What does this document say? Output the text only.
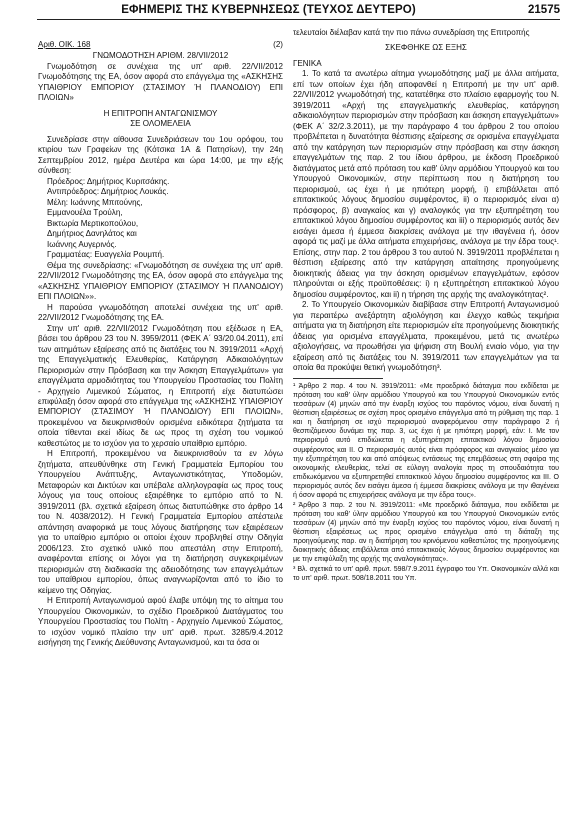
ΕΦΗΜΕΡΙΣ ΤΗΣ ΚΥΒΕΡΝΗΣΕΩΣ (ΤΕΥΧΟΣ ΔΕΥΤΕΡΟ)	21575
Αριθ. ΟΙΚ. 168	(2)

ΓΝΩΜΟΔΟΤΗΣΗ ΑΡΙΘΜ. 28/VII/2012

Γνωμοδότηση σε συνέχεια της υπ' αριθ. 22/VII/2012 Γνωμοδότησης της ΕΑ, όσον αφορά στο επάγγελμα της «ΑΣΚΗΣΗΣ ΥΠΑΙΘΡΙΟΥ ΕΜΠΟΡΙΟΥ (ΣΤΑΣΙΜΟΥ Ή ΠΛΑΝΟΔΙΟΥ) ΕΠΙ ΠΛΟΙΩΝ»

Η ΕΠΙΤΡΟΠΗ ΑΝΤΑΓΩΝΙΣΜΟΥ

ΣΕ ΟΛΟΜΕΛΕΙΑ

Συνεδρίασε στην αίθουσα Συνεδριάσεων του 1ου ορόφου, του κτιρίου των Γραφείων της (Κότσικα 1Α & Πατησίων), την 24η Σεπτεμβρίου 2012, ημέρα Δευτέρα και ώρα 14:00, με την εξής σύνθεση:

Πρόεδρος: Δημήτριος Κυριτσάκης.

Αντιπρόεδρος: Δημήτριος Λουκάς.

Μέλη: Ιωάννης Μπιτούνης,

Εμμανουέλα Τρούλη,

Βικτωρία Μερτικοπούλου,

Δημήτριος Δανηλάτος και

Ιωάννης Αυγερινός.

Γραμματέας: Ευαγγελία Ρουμπή.

Θέμα της συνεδρίασης: «Γνωμοδότηση σε συνέχεια της υπ' αριθ. 22/VII/2012 Γνωμοδότησης της ΕΑ, όσον αφορά στο επάγγελμα της «ΑΣΚΗΣΗΣ ΥΠΑΙΘΡΙΟΥ ΕΜΠΟΡΙΟΥ (ΣΤΑΣΙΜΟΥ Ή ΠΛΑΝΟΔΙΟΥ) ΕΠΙ ΠΛΟΙΩΝ»».

Η παρούσα γνωμοδότηση αποτελεί συνέχεια της υπ' αριθ. 22/VII/2012 Γνωμοδότησης της ΕΑ.

Στην υπ' αριθ. 22/VII/2012 Γνωμοδότηση που εξέδωσε η ΕΑ, βάσει του άρθρου 23 του Ν. 3959/2011 (ΦΕΚ Α΄ 93/20.04.2011), επί των αιτημάτων εξαίρεσης από τις διατάξεις του Ν. 3919/2011 «Αρχή της Επαγγελματικής Ελευθερίας, Κατάργηση Αδικαιολόγητων Περιορισμών στην Πρόσβαση και την Άσκηση Επαγγελμάτων» για επαγγέλματα αρμοδιότητας του Υπουργείου Προστασίας του Πολίτη - Αρχηγείο Λιμενικού Σώματος, η Επιτροπή είχε διατυπώσει επιφύλαξη όσον αφορά στο επάγγελμα της «ΑΣΚΗΣΗΣ ΥΠΑΙΘΡΙΟΥ ΕΜΠΟΡΙΟΥ (ΣΤΑΣΙΜΟΥ Ή ΠΛΑΝΟΔΙΟΥ) ΕΠΙ ΠΛΟΙΩΝ», προκειμένου να διευκρινισθούν ορισμένα ειδικότερα ζητήματα τα οποία τίθενται εκεί ιδίως δε ως προς τη σχέση του νομικού καθεστώτος με το ισχύον για το χερσαίο υπαίθριο εμπόριο.

Η Επιτροπή, προκειμένου να διευκρινισθούν τα εν λόγω ζητήματα, απευθύνθηκε στη Γενική Γραμματεία Εμπορίου του Υπουργείου Ανάπτυξης, Ανταγωνιστικότητας, Υποδομών, Μεταφορών και Δικτύων και υπέβαλε αλληλογραφία ως προς τους λόγους για τους οποίους εξαιρέθηκε το εμπόριο από το Ν. 3919/2011 (βλ. σχετικά εξαίρεση όπως διατυπώθηκε στο άρθρο 14 του Ν. 4038/2012). Η Γενική Γραμματεία Εμπορίου απέστειλε απάντηση αναφορικά με τους λόγους διατήρησης των εξαιρέσεων για το υπαίθριο εμπόριο οι οποίοι έχουν προβληθεί στην Οδηγία 2006/123. Στο σχετικό υλικό που απεστάλη στην Επιτροπή, αναφέρονται επίσης οι λόγοι για τη διατήρηση συγκεκριμένων περιορισμών στη διαδικασία της αδειοδότησης των επαγγελμάτων του υπαίθριου εμπορίου, όπως αναγνωρίζονται από το ίδιο το κείμενο της Οδηγίας.

Η Επιτροπή Ανταγωνισμού αφού έλαβε υπόψη της το αίτημα του Υπουργείου Οικονομικών, το σχέδιο Προεδρικού Διατάγματος του Υπουργείου Προστασίας του Πολίτη - Αρχηγείο Λιμενικού Σώματος, το ισχύον νομικό πλαίσιο την υπ' αριθ. πρωτ. 3285/9.4.2012 εισήγηση της Γενικής Διεύθυνσης Ανταγωνισμού, και τα όσα οι

τελευταίοι διέλαβαν κατά την πιο πάνω συνεδρίαση της Επιτροπής

ΣΚΕΦΘΗΚΕ ΩΣ ΕΞΗΣ

ΓΕΝΙΚΑ

1. Το κατά τα ανωτέρω αίτημα γνωμοδότησης μαζί με άλλα αιτήματα, επί των οποίων έχει ήδη αποφανθεί η Επιτροπή με την υπ' αριθ. 22/VII/2012 γνωμοδότησή της, κατατέθηκε στο πλαίσιο εφαρμογής του Ν. 3919/2011 «Αρχή της επαγγελματικής ελευθερίας, κατάργηση αδικαιολόγητων περιορισμών στην πρόσβαση και άσκηση επαγγελμάτων» (ΦΕΚ Α΄ 32/2.3.2011), με την παράγραφο 4 του άρθρου 2 του οποίου προβλέπεται η δυνατότητα θέσπισης εξαίρεσης σε ορισμένα επαγγέλματα από την κατάργηση των περιορισμών στην πρόσβαση και στην άσκηση επαγγελμάτων της παρ. 2 του ίδιου άρθρου, με έκδοση Προεδρικού διατάγματος μετά από πρόταση του καθ' ύλην αρμόδιου Υπουργού και του Υπουργού Οικονομικών, στην περίπτωση που η διατήρηση του περιορισμού, ως έχει ή με ηπιότερη μορφή, i) επιβάλλεται από επιτακτικούς λόγους δημοσίου συμφέροντος, ii) ο περιορισμός είναι α) πρόσφορος, β) αναγκαίος και γ) αναλογικός για την εξυπηρέτηση του επιτακτικού λόγου δημοσίου συμφέροντος και iii) ο περιορισμός αυτός δεν εισάγει άμεσα ή έμμεσα διακρίσεις ανάλογα με την ιθαγένεια ή, όσον αφορά τις μαζί με άλλα αιτήματα επιχειρήσεις, ανάλογα με την έδρα τους¹. Επίσης, στην παρ. 2 του άρθρου 3 του αυτού Ν. 3919/2011 προβλέπεται η θέσπιση εξαίρεσης από την κατάργηση απαίτησης προηγούμενης διοικητικής άδειας για την άσκηση ορισμένων επαγγελμάτων, εφόσον πληρούνται οι εξής προϋποθέσεις: i) η εξυπηρέτηση επιτακτικού λόγου δημοσίου συμφέροντος, και ii) η τήρηση της αρχής της αναλογικότητας².

2. Το Υπουργείο Οικονομικών διαβίβασε στην Επιτροπή Ανταγωνισμού για περαιτέρω ανεξάρτητη αξιολόγηση και έλεγχο καθώς τεκμήρια αιτήματα για τη διατήρηση είτε περιορισμών είτε προηγούμενης διοικητικής άδειας για ορισμένα επαγγέλματα, προκειμένου, μετά τις ανωτέρω αξιολογήσεις, να προωθήσει για ψήφιση στη Βουλή ενιαίο νόμο, για την εξαίρεση από τις διατάξεις του Ν. 3919/2011 των επαγγελμάτων για τα οποία θα προκύψει θετική γνωμοδότηση³.

¹ Άρθρο 2 παρ. 4 του Ν. 3919/2011: «Με προεδρικό διάταγμα που εκδίδεται με πρόταση του καθ' ύλην αρμόδιου Υπουργού και του Υπουργού Οικονομικών εντός τεσσάρων (4) μηνών από την έναρξη ισχύος του παρόντος νόμου, είναι δυνατή η θέσπιση εξαιρέσεως σε σχέση προς ορισμένο επάγγελμα από τη ρύθμιση της παρ. 1 και η διατήρηση σε ισχύ περιορισμού αναφερόμενου στην παράγραφο 2 ή θεσπιζόμενου δυνάμει της παρ. 3, ως έχει ή με ηπιότερη μορφή, εάν: I. Με τον περιορισμό αυτό επιδιώκεται η εξυπηρέτηση επιτακτικού λόγου δημοσίου συμφέροντος και II. Ο περιορισμός αυτός είναι πρόσφορος και αναγκαίος μέσο για την εξυπηρέτηση του και από απόψεως εντάσεως της επεμβάσεως στη σφαίρα της οικονομικής ελευθερίας, τελεί σε εύλογη αναλογία προς τη σπουδαιότητα του επιδιωκόμενου να εξυπηρετηθεί επιτακτικού λόγου δημοσίου συμφέροντος και III. Ο περιορισμός αυτός δεν εισάγει άμεσα ή έμμεσα διακρίσεις ανάλογα με την ιθαγένεια ή όσον αφορά τις επιχειρήσεις ανάλογα με την έδρα τους».

² Άρθρο 3 παρ. 2 του Ν. 3919/2011: «Με προεδρικό διάταγμα, που εκδίδεται με πρόταση του καθ' ύλην αρμόδιου Υπουργού και του Υπουργού Οικονομικών εντός τεσσάρων (4) μηνών από την έναρξη ισχύος του παρόντος νόμου, είναι δυνατή η θέσπιση εξαιρέσεως ως προς ορισμένο επάγγελμα από τη διάταξη της προηγούμενης παρ. αν η διατήρηση του κρινόμενου καθεστώτος της προηγούμενης διοικητικής άδειας επιβάλλεται από επιτακτικούς λόγους δημοσίου συμφέροντος και με την επιφύλαξη της αρχής της αναλογικότητας».

³ Βλ. σχετικά το υπ' αριθ. πρωτ. 598/7.9.2011 έγγραφο του Υπ. Οικονομικών αλλά και το υπ' αριθ. πρωτ. 508/18.2011 του Υπ.
